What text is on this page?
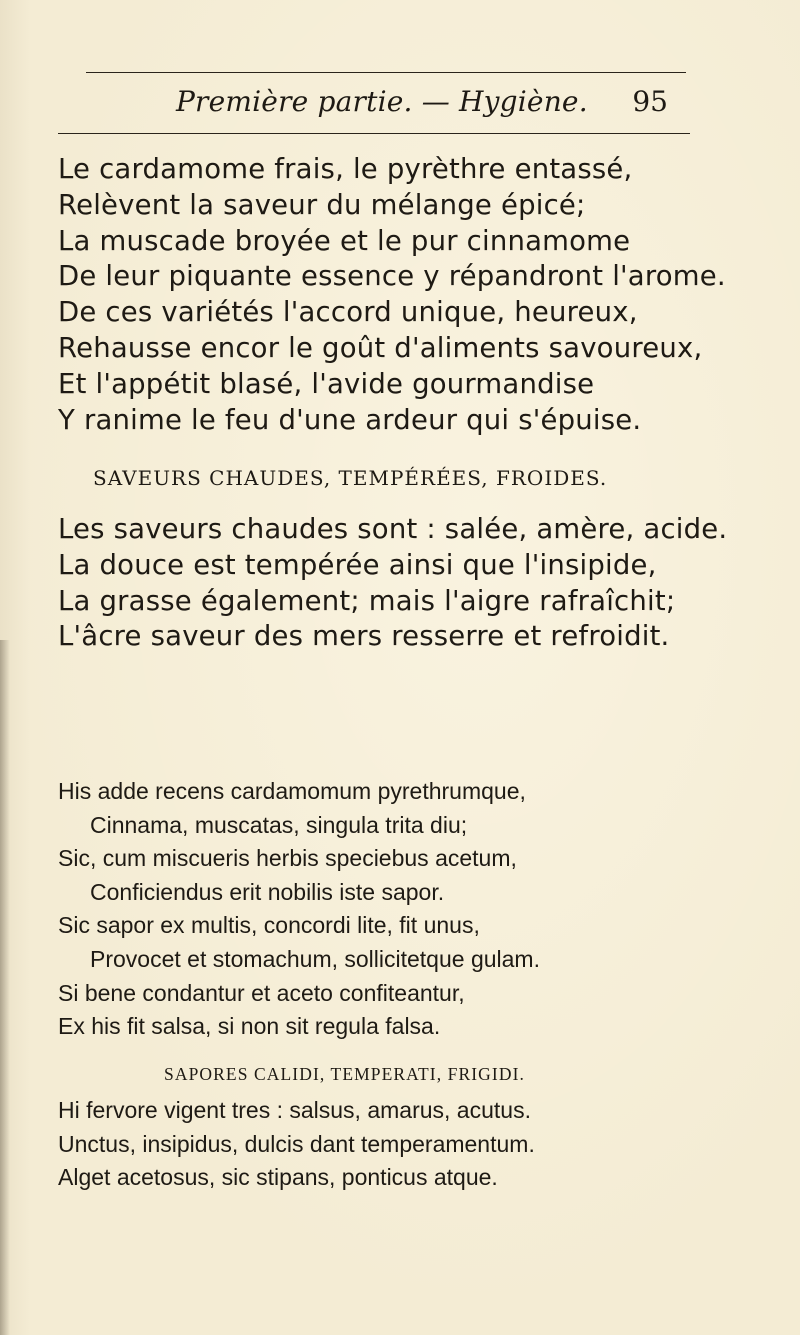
Première partie. — Hygiène. 95
Le cardamome frais, le pyrèthre entassé,
Relèvent la saveur du mélange épicé;
La muscade broyée et le pur cinnamome
De leur piquante essence y répandront l'arome.
De ces variétés l'accord unique, heureux,
Rehausse encor le goût d'aliments savoureux,
Et l'appétit blasé, l'avide gourmandise
Y ranime le feu d'une ardeur qui s'épuise.
SAVEURS CHAUDES, TEMPÉRÉES, FROIDES.
Les saveurs chaudes sont : salée, amère, acide.
La douce est tempérée ainsi que l'insipide,
La grasse également; mais l'aigre rafraîchit;
L'âcre saveur des mers resserre et refroidit.
His adde recens cardamomum pyrethrumque,
Cinnama, muscatas, singula trita diu;
Sic, cum miscueris herbis speciebus acetum,
Conficiendus erit nobilis iste sapor.
Sic sapor ex multis, concordi lite, fit unus,
Provocet et stomachum, sollicitetque gulam.
Si bene condantur et aceto confiteantur,
Ex his fit salsa, si non sit regula falsa.
SAPORES CALIDI, TEMPERATI, FRIGIDI.
Hi fervore vigent tres : salsus, amarus, acutus.
Unctus, insipidus, dulcis dant temperamentum.
Alget acetosus, sic stipans, ponticus atque.
